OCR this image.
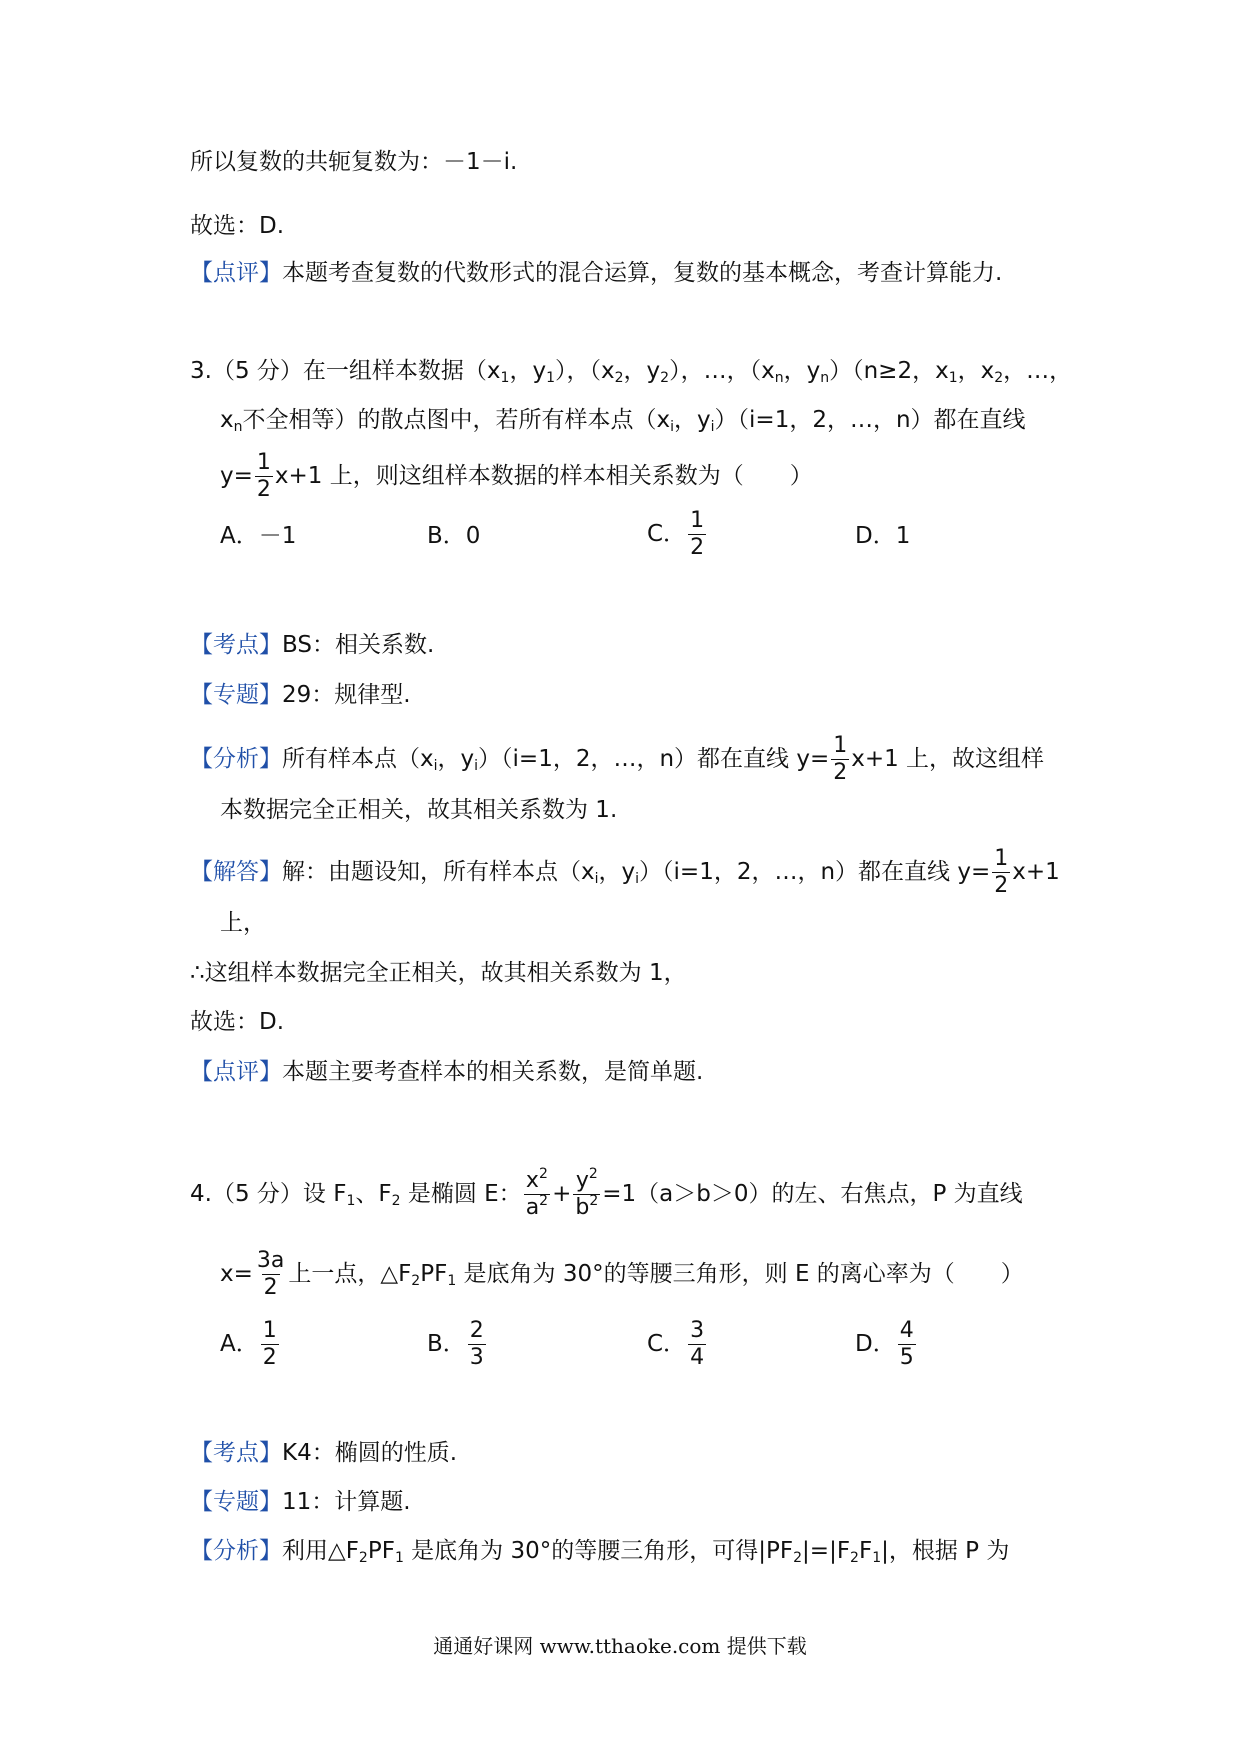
所以复数的共轭复数为：－1－i.
故选：D.
【点评】本题考查复数的代数形式的混合运算，复数的基本概念，考查计算能力.
3.（5 分）在一组样本数据（$x_1$，$y_1$），（$x_2$，$y_2$），…，（$x_n$，$y_n)(n\ge 2$，$x_1$，$x_2$，…，
$x_n$不全相等）的散点图中，若所有样本点（$x_i$，$y_i)(i=1$，2，…，n）都在直线
$y= \frac{1}{2} x+1$ 上，则这组样本数据的样本相关系数为（　　）
A．－1	B．0	C． $\frac{1}{2}$	D．1
【考点】BS：相关系数.
【专题】29：规律型.
【分析】所有样本点（$x_i$，$y_i)(i=1$，2，…，n）都在直线 $y= \frac{1}{2} x+1$ 上，故这组样
本数据完全正相关，故其相关系数为 1.
【解答】解：由题设知，所有样本点（$x_i$，$y_i)(i=1$，2，…，n）都在直线 $y= \frac{1}{2} x+1$
上，
∴这组样本数据完全正相关，故其相关系数为 1，
故选：D.
【点评】本题主要考查样本的相关系数，是简单题.
4.（5 分）设 $F_1$、$F_2$ 是椭圆 E： $\frac{x^2}{a^2} + \frac{y^2}{b^2} =1(a>b>0)$的左、右焦点，P 为直线
$x= \frac{3a}{2}$ 上一点，$\triangle F_2PF_1$ 是底角为 30°的等腰三角形，则 E 的离心率为（　　）
A． $\frac{1}{2}$	B． $\frac{2}{3}$	C． $\frac{3}{4}$	D． $\frac{4}{5}$
【考点】K4：椭圆的性质.
【专题】11：计算题.
【分析】利用$\triangle F_2PF_1$ 是底角为 30°的等腰三角形，可得$|PF_2|=|F_2F_1|$，根据 P 为
通通好课网 www.tthaoke.com 提供下载
